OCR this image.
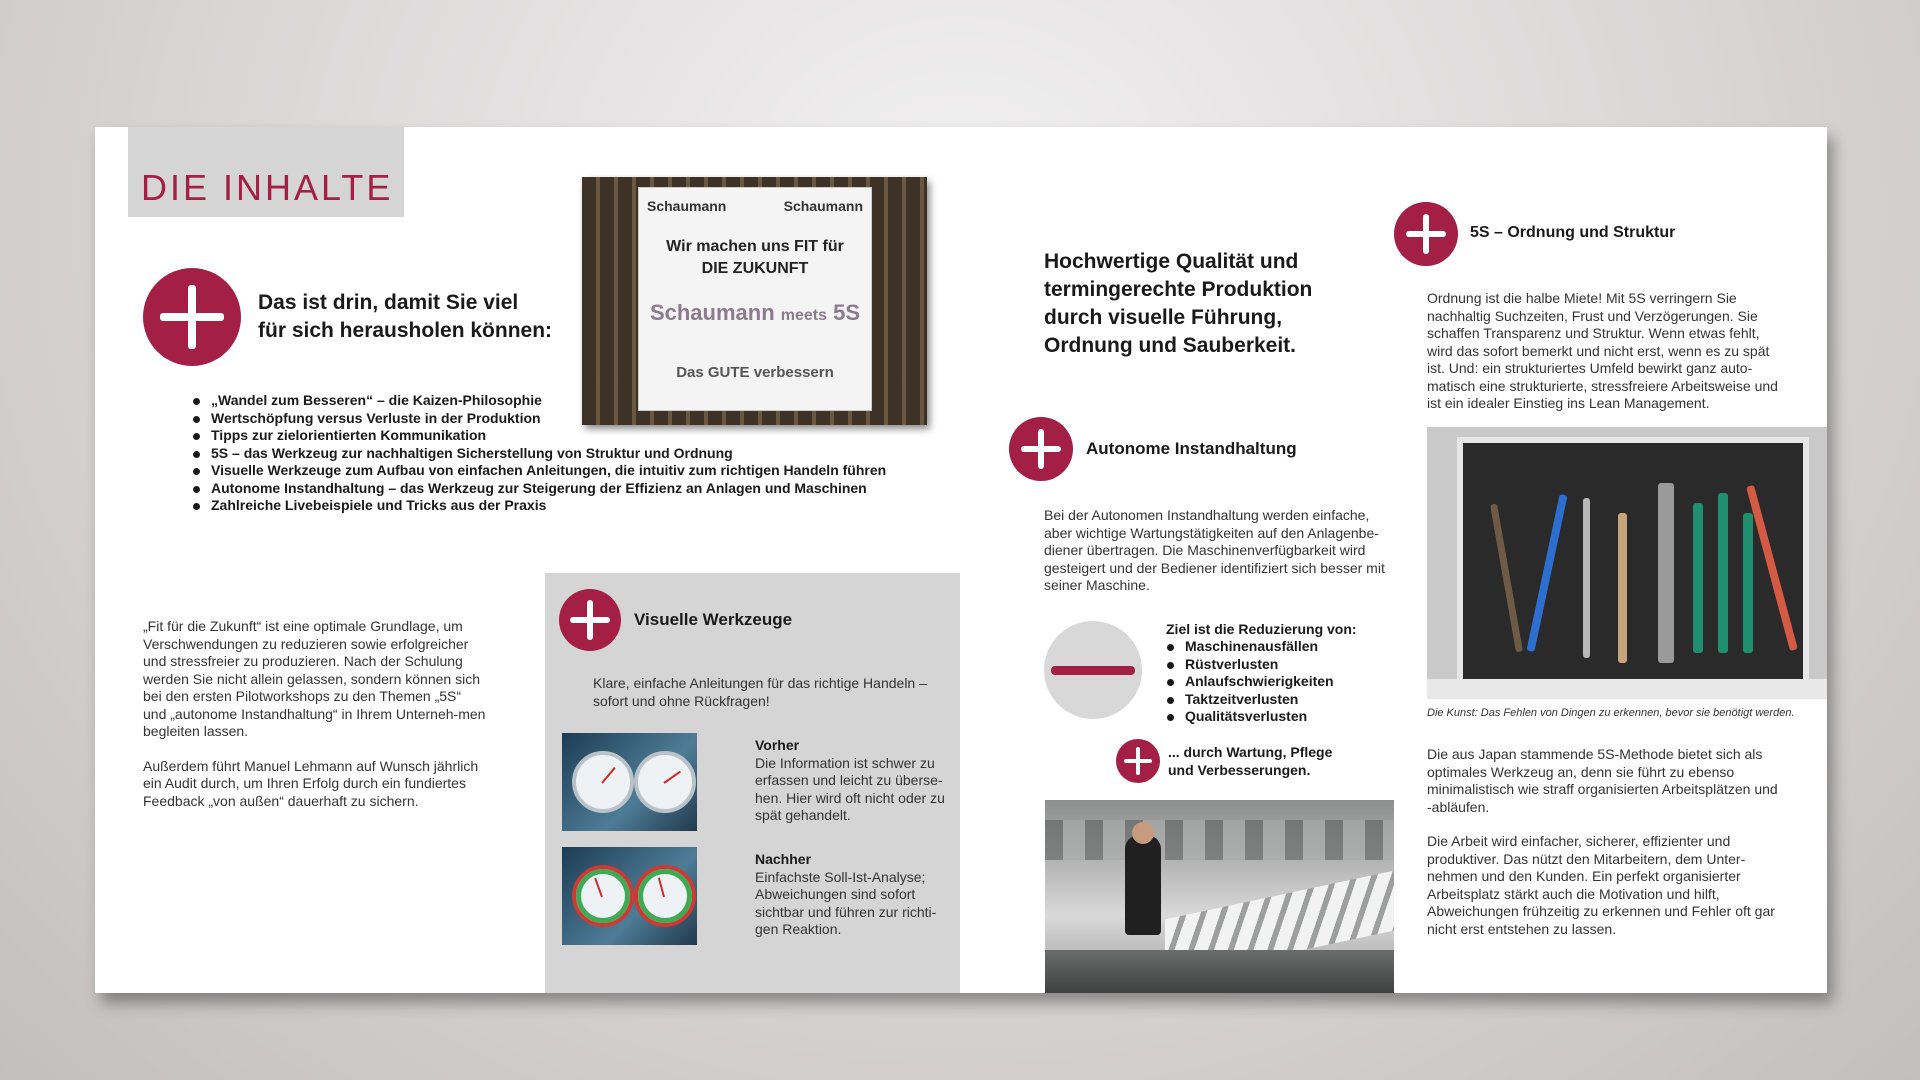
DIE INHALTE
Das ist drin, damit Sie viel
für sich herausholen können:
Schaumann	Schaumann
Wir machen uns FIT für
DIE ZUKUNFT
Schaumann meets 5S
Das GUTE verbessern
„Wandel zum Besseren“ – die Kaizen-Philosophie
Wertschöpfung versus Verluste in der Produktion
Tipps zur zielorientierten Kommunikation
5S – das Werkzeug zur nachhaltigen Sicherstellung von Struktur und Ordnung
Visuelle Werkzeuge zum Aufbau von einfachen Anleitungen, die intuitiv zum richtigen Handeln führen
Autonome Instandhaltung – das Werkzeug zur Steigerung der Effizienz an Anlagen und Maschinen
Zahlreiche Livebeispiele und Tricks aus der Praxis

„Fit für die Zukunft“ ist eine optimale Grundlage, um Verschwendungen zu reduzieren sowie erfolgreicher und stressfreier zu produzieren. Nach der Schulung werden Sie nicht allein gelassen, sondern können sich bei den ersten Pilotworkshops zu den Themen „5S“ und „autonome Instandhaltung“ in Ihrem Unterneh-men begleiten lassen.

Außerdem führt Manuel Lehmann auf Wunsch jährlich ein Audit durch, um Ihren Erfolg durch ein fundiertes Feedback „von außen“ dauerhaft zu sichern.

Visuelle Werkzeuge
Klare, einfache Anleitungen für das richtige Handeln – sofort und ohne Rückfragen!
Vorher
Die Information ist schwer zu erfassen und leicht zu überse-hen. Hier wird oft nicht oder zu spät gehandelt.
Nachher
Einfachste Soll-Ist-Analyse; Abweichungen sind sofort sichtbar und führen zur richti-gen Reaktion.
Hochwertige Qualität und termingerechte Produktion durch visuelle Führung, Ordnung und Sauberkeit.
Autonome Instandhaltung
Bei der Autonomen Instandhaltung werden einfache, aber wichtige Wartungstätigkeiten auf den Anlagenbe-diener übertragen. Die Maschinenverfügbarkeit wird gesteigert und der Bediener identifiziert sich besser mit seiner Maschine.
Ziel ist die Reduzierung von:
Maschinenausfällen
Rüstverlusten
Anlaufschwierigkeiten
Taktzeitverlusten
Qualitätsverlusten
... durch Wartung, Pflege
und Verbesserungen.
5S – Ordnung und Struktur
Ordnung ist die halbe Miete! Mit 5S verringern Sie nachhaltig Suchzeiten, Frust und Verzögerungen. Sie schaffen Transparenz und Struktur. Wenn etwas fehlt, wird das sofort bemerkt und nicht erst, wenn es zu spät ist. Und: ein strukturiertes Umfeld bewirkt ganz auto-matisch eine strukturierte, stressfreiere Arbeitsweise und ist ein idealer Einstieg ins Lean Management.
Die Kunst: Das Fehlen von Dingen zu erkennen, bevor sie benötigt werden.

Die aus Japan stammende 5S-Methode bietet sich als optimales Werkzeug an, denn sie führt zu ebenso minimalistisch wie straff organisierten Arbeitsplätzen und -abläufen.

Die Arbeit wird einfacher, sicherer, effizienter und produktiver. Das nützt den Mitarbeitern, dem Unter-nehmen und den Kunden. Ein perfekt organisierter Arbeitsplatz stärkt auch die Motivation und hilft, Abweichungen frühzeitig zu erkennen und Fehler oft gar nicht erst entstehen zu lassen.
